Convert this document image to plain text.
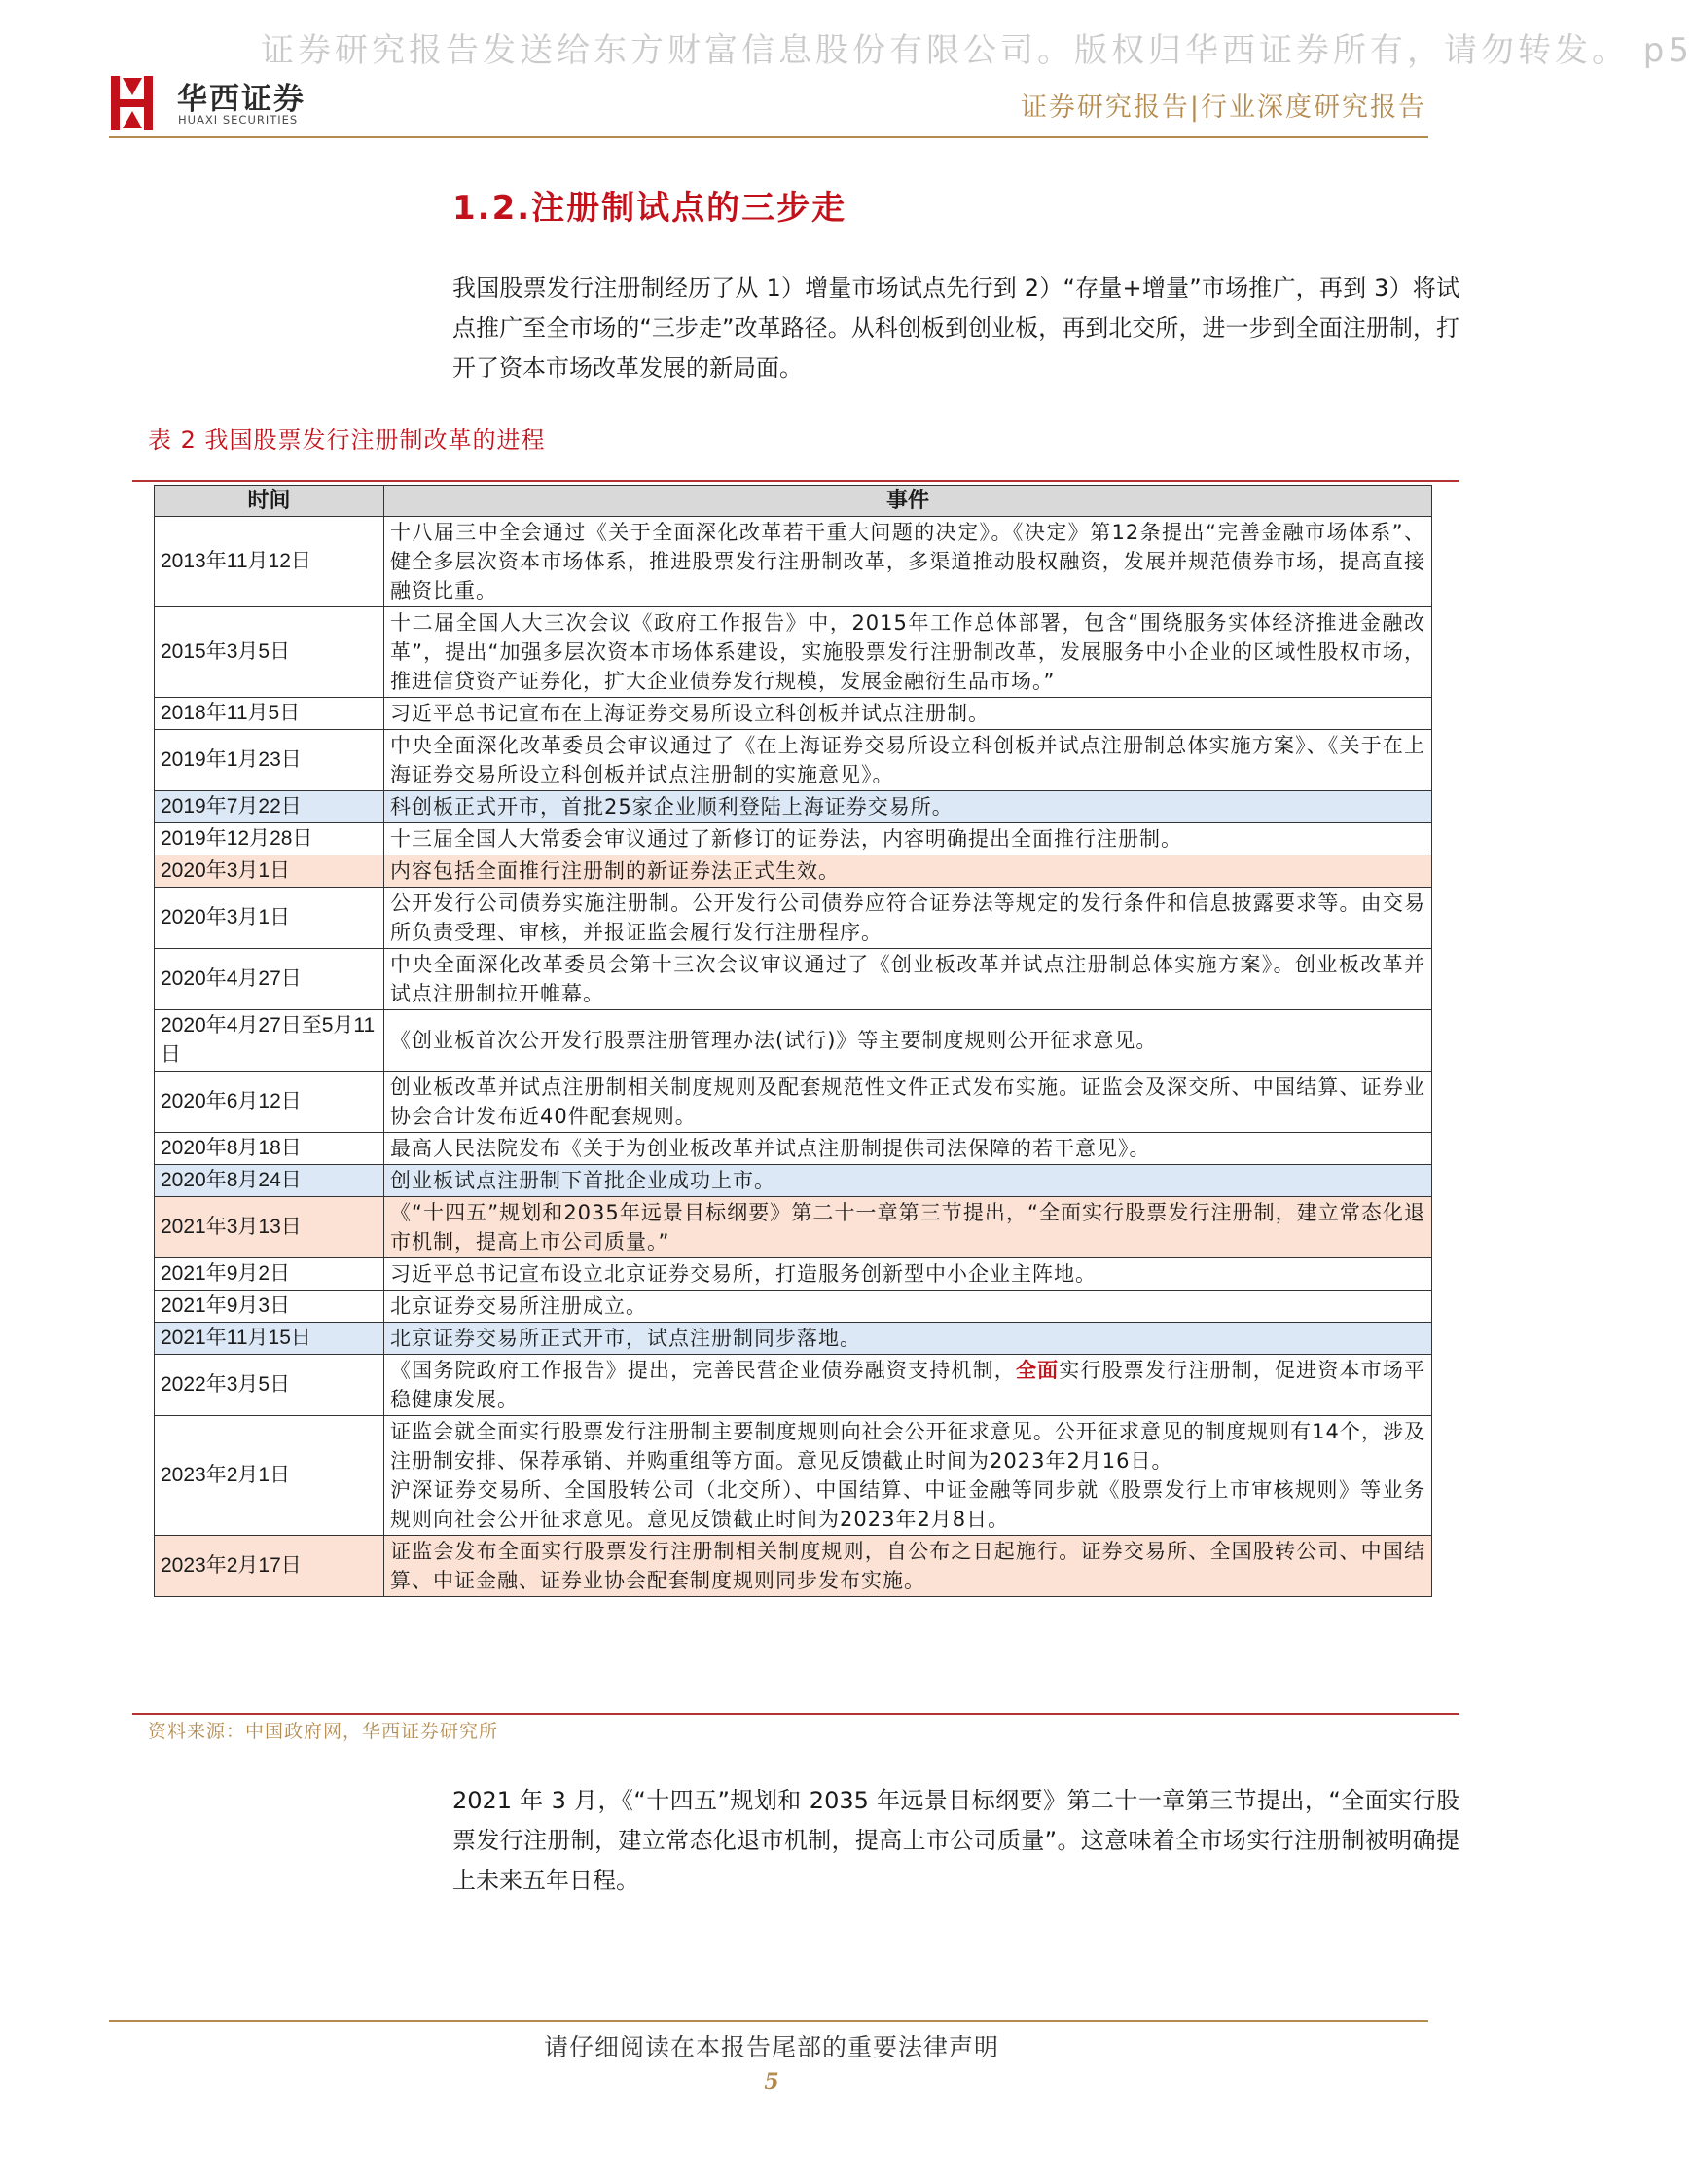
证券研究报告发送给东方财富信息股份有限公司。版权归华西证券所有，请勿转发。 p5
华西证券
HUAXI SECURITIES	证券研究报告|行业深度研究报告
1.2.注册制试点的三步走
我国股票发行注册制经历了从 1）增量市场试点先行到 2）“存量+增量”市场推广，再到 3）将试点推广至全市场的“三步走”改革路径。从科创板到创业板，再到北交所，进一步到全面注册制，打开了资本市场改革发展的新局面。
表 2 我国股票发行注册制改革的进程
时间	事件
2013年11月12日	十八届三中全会通过《关于全面深化改革若干重大问题的决定》。《决定》第12条提出“完善金融市场体系”、健全多层次资本市场体系，推进股票发行注册制改革，多渠道推动股权融资，发展并规范债券市场，提高直接融资比重。
2015年3月5日	十二届全国人大三次会议《政府工作报告》中，2015年工作总体部署，包含“围绕服务实体经济推进金融改革”，提出“加强多层次资本市场体系建设，实施股票发行注册制改革，发展服务中小企业的区域性股权市场，推进信贷资产证券化，扩大企业债券发行规模，发展金融衍生品市场。”
2018年11月5日	习近平总书记宣布在上海证券交易所设立科创板并试点注册制。
2019年1月23日	中央全面深化改革委员会审议通过了《在上海证券交易所设立科创板并试点注册制总体实施方案》、《关于在上海证券交易所设立科创板并试点注册制的实施意见》。
2019年7月22日	科创板正式开市，首批25家企业顺利登陆上海证券交易所。
2019年12月28日	十三届全国人大常委会审议通过了新修订的证券法，内容明确提出全面推行注册制。
2020年3月1日	内容包括全面推行注册制的新证券法正式生效。
2020年3月1日	公开发行公司债券实施注册制。公开发行公司债券应符合证券法等规定的发行条件和信息披露要求等。由交易所负责受理、审核，并报证监会履行发行注册程序。
2020年4月27日	中央全面深化改革委员会第十三次会议审议通过了《创业板改革并试点注册制总体实施方案》。创业板改革并试点注册制拉开帷幕。
2020年4月27日至5月11日	《创业板首次公开发行股票注册管理办法(试行)》等主要制度规则公开征求意见。
2020年6月12日	创业板改革并试点注册制相关制度规则及配套规范性文件正式发布实施。证监会及深交所、中国结算、证券业协会合计发布近40件配套规则。
2020年8月18日	最高人民法院发布《关于为创业板改革并试点注册制提供司法保障的若干意见》。
2020年8月24日	创业板试点注册制下首批企业成功上市。
2021年3月13日	《“十四五”规划和2035年远景目标纲要》第二十一章第三节提出，“全面实行股票发行注册制，建立常态化退市机制，提高上市公司质量。”
2021年9月2日	习近平总书记宣布设立北京证券交易所，打造服务创新型中小企业主阵地。
2021年9月3日	北京证券交易所注册成立。
2021年11月15日	北京证券交易所正式开市，试点注册制同步落地。
2022年3月5日	《国务院政府工作报告》提出，完善民营企业债券融资支持机制，全面实行股票发行注册制，促进资本市场平稳健康发展。
2023年2月1日	证监会就全面实行股票发行注册制主要制度规则向社会公开征求意见。公开征求意见的制度规则有14个，涉及注册制安排、保荐承销、并购重组等方面。意见反馈截止时间为2023年2月16日。
沪深证券交易所、全国股转公司（北交所）、中国结算、中证金融等同步就《股票发行上市审核规则》等业务规则向社会公开征求意见。意见反馈截止时间为2023年2月8日。

2023年2月17日	证监会发布全面实行股票发行注册制相关制度规则，自公布之日起施行。证券交易所、全国股转公司、中国结算、中证金融、证券业协会配套制度规则同步发布实施。
资料来源：中国政府网，华西证券研究所
2021 年 3 月，《“十四五”规划和 2035 年远景目标纲要》第二十一章第三节提出，“全面实行股票发行注册制，建立常态化退市机制，提高上市公司质量”。这意味着全市场实行注册制被明确提上未来五年日程。
请仔细阅读在本报告尾部的重要法律声明
5
